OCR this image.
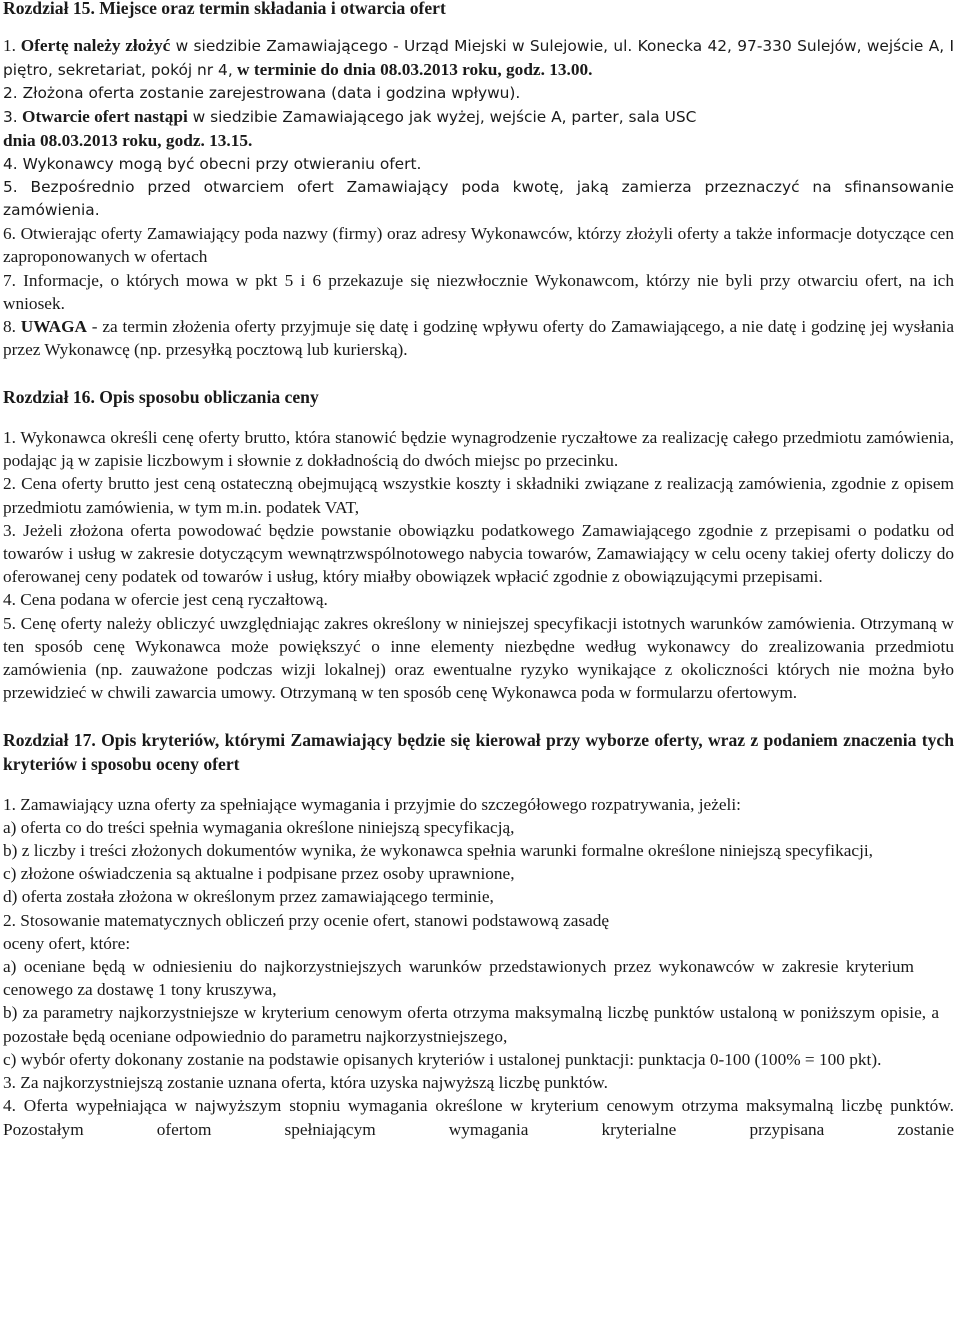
Rozdział 15. Miejsce oraz termin składania i otwarcia ofert

1. Ofertę należy złożyć w siedzibie Zamawiającego - Urząd Miejski w Sulejowie, ul. Konecka 42, 97-330 Sulejów, wejście A, I piętro, sekretariat, pokój nr 4, w terminie do dnia 08.03.2013 roku, godz. 13.00.

2. Złożona oferta zostanie zarejestrowana (data i godzina wpływu).

3. Otwarcie ofert nastąpi w siedzibie Zamawiającego jak wyżej, wejście A, parter, sala USC
dnia 08.03.2013 roku, godz. 13.15.

4. Wykonawcy mogą być obecni przy otwieraniu ofert.

5. Bezpośrednio przed otwarciem ofert Zamawiający poda kwotę, jaką zamierza przeznaczyć na sfinansowanie zamówienia.

6. Otwierając oferty Zamawiający poda nazwy (firmy) oraz adresy Wykonawców, którzy złożyli oferty a także informacje dotyczące cen zaproponowanych w ofertach

7. Informacje, o których mowa w pkt 5 i 6 przekazuje się niezwłocznie Wykonawcom, którzy nie byli przy otwarciu ofert, na ich wniosek.

8. UWAGA - za termin złożenia oferty przyjmuje się datę i godzinę wpływu oferty do Zamawiającego, a nie datę i godzinę jej wysłania przez Wykonawcę (np. przesyłką pocztową lub kurierską).

Rozdział 16. Opis sposobu obliczania ceny

1. Wykonawca określi cenę oferty brutto, która stanowić będzie wynagrodzenie ryczałtowe za realizację całego przedmiotu zamówienia, podając ją w zapisie liczbowym i słownie z dokładnością do dwóch miejsc po przecinku.

2. Cena oferty brutto jest ceną ostateczną obejmującą wszystkie koszty i składniki związane z realizacją zamówienia, zgodnie z opisem przedmiotu zamówienia, w tym m.in. podatek VAT,

3. Jeżeli złożona oferta powodować będzie powstanie obowiązku podatkowego Zamawiającego zgodnie z przepisami o podatku od towarów i usług w zakresie dotyczącym wewnątrzwspólnotowego nabycia towarów, Zamawiający w celu oceny takiej oferty doliczy do oferowanej ceny podatek od towarów i usług, który miałby obowiązek wpłacić zgodnie z obowiązującymi przepisami.

4. Cena podana w ofercie jest ceną ryczałtową.

5. Cenę oferty należy obliczyć uwzględniając zakres określony w niniejszej specyfikacji istotnych warunków zamówienia. Otrzymaną w ten sposób cenę Wykonawca może powiększyć o inne elementy niezbędne według wykonawcy do zrealizowania przedmiotu zamówienia (np. zauważone podczas wizji lokalnej) oraz ewentualne ryzyko wynikające z okoliczności których nie można było przewidzieć w chwili zawarcia umowy. Otrzymaną w ten sposób cenę Wykonawca poda w formularzu ofertowym.

Rozdział 17. Opis kryteriów, którymi Zamawiający będzie się kierował przy wyborze oferty, wraz z podaniem znaczenia tych kryteriów i sposobu oceny ofert

1. Zamawiający uzna oferty za spełniające wymagania i przyjmie do szczegółowego rozpatrywania, jeżeli:

a) oferta co do treści spełnia wymagania określone niniejszą specyfikacją,

b) z liczby i treści złożonych dokumentów wynika, że wykonawca spełnia warunki formalne określone niniejszą specyfikacji,

c) złożone oświadczenia są aktualne i podpisane przez osoby uprawnione,

d) oferta została złożona w określonym przez zamawiającego terminie,

2. Stosowanie matematycznych obliczeń przy ocenie ofert, stanowi podstawową zasadę

oceny ofert, które:

a) oceniane będą w odniesieniu do najkorzystniejszych warunków przedstawionych przez wykonawców w zakresie kryterium cenowego za dostawę 1 tony kruszywa,

b) za parametry najkorzystniejsze w kryterium cenowym oferta otrzyma maksymalną liczbę punktów ustaloną w poniższym opisie, a pozostałe będą oceniane odpowiednio do parametru najkorzystniejszego,

c) wybór oferty dokonany zostanie na podstawie opisanych kryteriów i ustalonej punktacji: punktacja 0-100 (100% = 100 pkt).

3. Za najkorzystniejszą zostanie uznana oferta, która uzyska najwyższą liczbę punktów.

4. Oferta wypełniająca w najwyższym stopniu wymagania określone w kryterium cenowym otrzyma maksymalną liczbę punktów. Pozostałym ofertom spełniającym wymagania kryterialne przypisana zostanie
